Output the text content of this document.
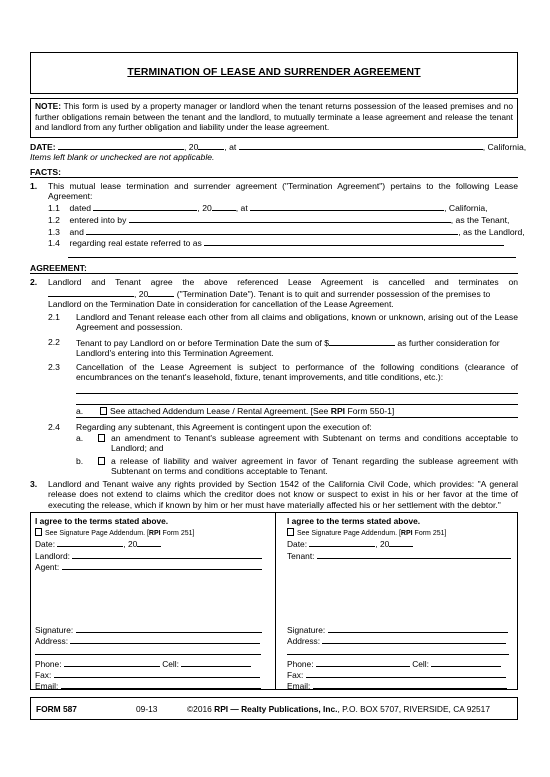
TERMINATION OF LEASE AND SURRENDER AGREEMENT
NOTE: This form is used by a property manager or landlord when the tenant returns possession of the leased premises and no further obligations remain between the tenant and the landlord, to mutually terminate a lease agreement and release the tenant and landlord from any further obligation and liability under the lease agreement.
DATE:	, 20	, at	, California,
Items left blank or unchecked are not applicable.
FACTS:
1. This mutual lease termination and surrender agreement ("Termination Agreement") pertains to the following Lease Agreement:
1.1 dated	, 20	, at	, California,
1.2 entered into by	, as the Tenant,
1.3 and	, as the Landlord,
1.4 regarding real estate referred to as
AGREEMENT:
2. Landlord and Tenant agree the above referenced Lease Agreement is cancelled and terminates on
, 20	("Termination Date"). Tenant is to quit and surrender possession of the premises to
Landlord on the Termination Date in consideration for cancellation of the Lease Agreement.
2.1 Landlord and Tenant release each other from all claims and obligations, known or unknown, arising out of the Lease Agreement and possession.
2.2 Tenant to pay Landlord on or before Termination Date the sum of $	as further consideration for
Landlord's entering into this Termination Agreement.
2.3 Cancellation of the Lease Agreement is subject to performance of the following conditions (clearance of encumbrances on the tenant's leasehold, fixture, tenant improvements, and title conditions, etc.):
a.	See attached Addendum Lease / Rental Agreement. [See RPI Form 550-1]
2.4 Regarding any subtenant, this Agreement is contingent upon the execution of:
a.	an amendment to Tenant's sublease agreement with Subtenant on terms and conditions acceptable to Landlord; and
b.	a release of liability and waiver agreement in favor of Tenant regarding the sublease agreement with Subtenant on terms and conditions acceptable to Tenant.
3. Landlord and Tenant waive any rights provided by Section 1542 of the California Civil Code, which provides: "A general release does not extend to claims which the creditor does not know or suspect to exist in his or her favor at the time of executing the release, which if known by him or her must have materially affected his or her settlement with the debtor."
I agree to the terms stated above.
See Signature Page Addendum. [RPI Form 251]
Date:	, 20
Landlord:
Agent:
Signature:
Address:
Phone:	Cell:
Fax:
Email:
I agree to the terms stated above.
See Signature Page Addendum. [RPI Form 251]
Date:	, 20
Tenant:
Signature:
Address:
Phone:	Cell:
Fax:
Email:
FORM 587	09-13	©2016 RPI — Realty Publications, Inc., P.O. BOX 5707, RIVERSIDE, CA 92517
